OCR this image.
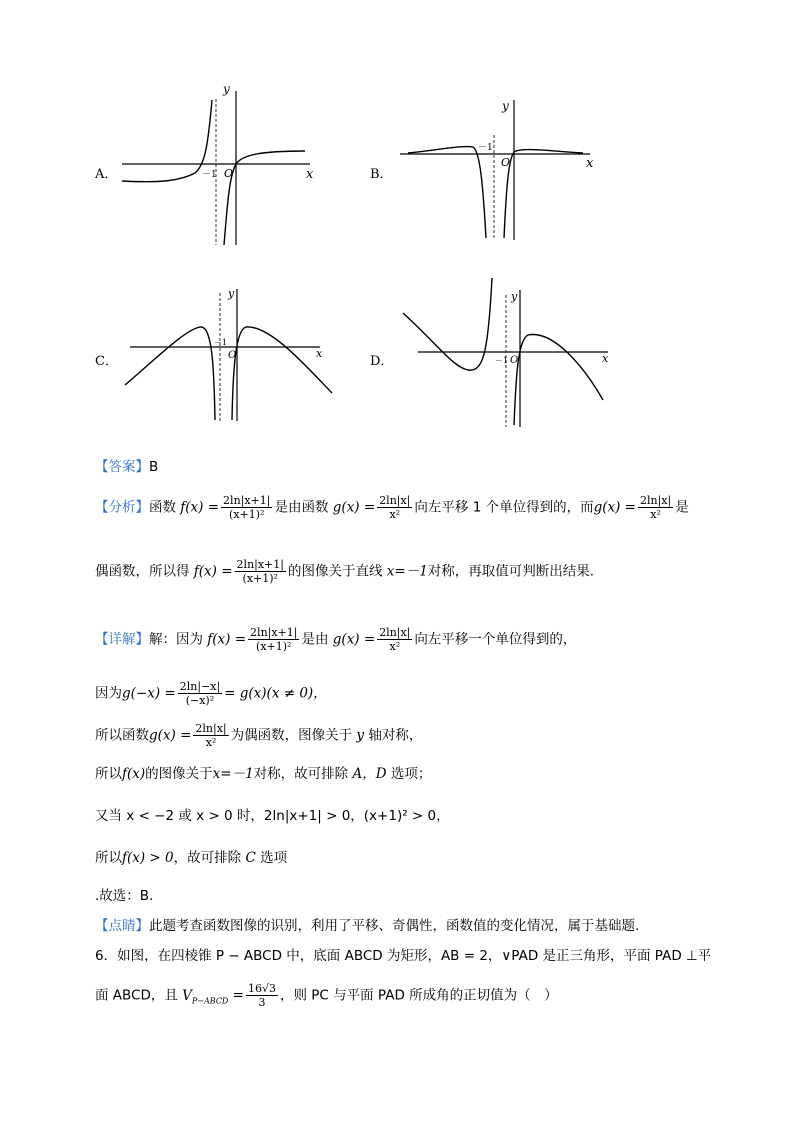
A．
y
x
O
－1	B．
y
x
O
－1
C．
y
x
O
－1
D．
y
x
O
－1
【答案】B
【分析】函数 $f(x) = \frac{2\ln|x+1|}{\text{(x+1)²}}$ 是由函数 $g(x) = \frac{2\ln|x|}{\text{x²}}$ 向左平移 1 个单位得到的，而$g(x) = \frac{2\ln|x|}{\text{x²}}$ 是
偶函数，所以得 $f(x) = \frac{2\ln|x+1|}{\text{(x+1)²}}$ 的图像关于直线 x=－1对称，再取值可判断出结果.
【详解】解：因为 $f(x) = \frac{2\ln|x+1|}{\text{(x+1)²}}$ 是由 $g(x) = \frac{2\ln|x|}{\text{x²}}$ 向左平移一个单位得到的，
因为$g(-x) = \frac{2\ln|-x|}{\text{(−x)²}} = g(x)(x \ne 0)$，
所以函数$g(x) = \frac{2\ln|x|}{\text{x²}}$ 为偶函数，图像关于 y 轴对称，
所以f(x)的图像关于x=－1对称，故可排除 A，D 选项；
又当 x < −2 或 x > 0 时，2ln|x+1| > 0，(x+1)² > 0，
所以f(x) > 0，故可排除 C 选项
.故选：B.
【点睛】此题考查函数图像的识别，利用了平移、奇偶性，函数值的变化情况，属于基础题.
6．如图，在四棱锥 P − ABCD 中，底面 ABCD 为矩形，AB = 2，∨PAD 是正三角形，平面 PAD ⊥平
面 ABCD，且 $V_{P-ABCD} = \frac{16√3}{3}$ ，则 PC 与平面 PAD 所成角的正切值为（　）
